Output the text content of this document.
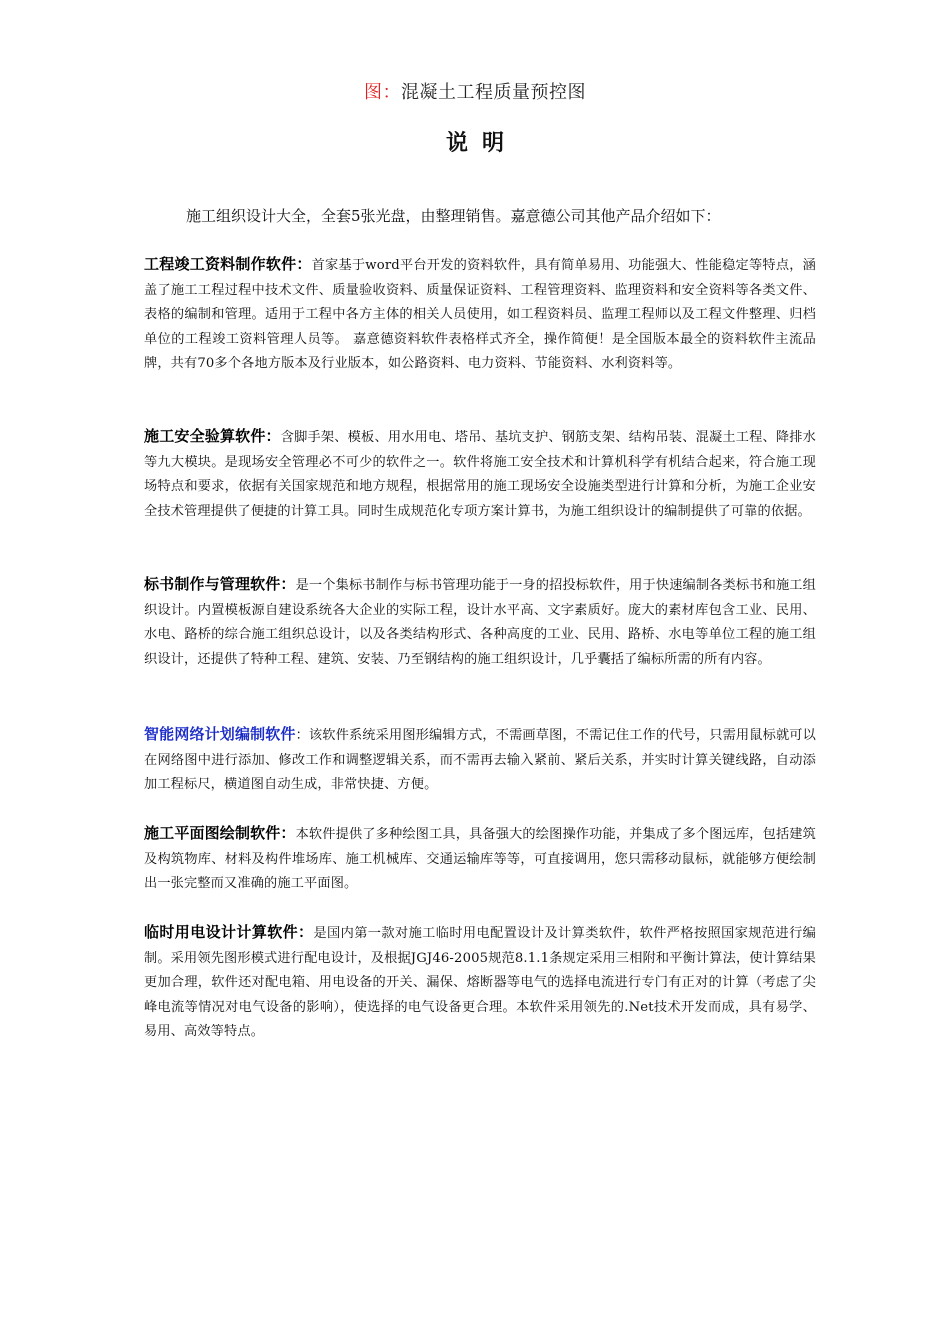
图：混凝土工程质量预控图
说明
施工组织设计大全，全套5张光盘，由整理销售。嘉意德公司其他产品介绍如下：
工程竣工资料制作软件：首家基于word平台开发的资料软件，具有简单易用、功能强大、性能稳定等特点，涵盖了施工工程过程中技术文件、质量验收资料、质量保证资料、工程管理资料、监理资料和安全资料等各类文件、表格的编制和管理。适用于工程中各方主体的相关人员使用，如工程资料员、监理工程师以及工程文件整理、归档单位的工程竣工资料管理人员等。 嘉意德资料软件表格样式齐全，操作简便！是全国版本最全的资料软件主流品牌，共有70多个各地方版本及行业版本，如公路资料、电力资料、节能资料、水利资料等。
施工安全验算软件：含脚手架、模板、用水用电、塔吊、基坑支护、钢筋支架、结构吊装、混凝土工程、降排水等九大模块。是现场安全管理必不可少的软件之一。软件将施工安全技术和计算机科学有机结合起来，符合施工现场特点和要求，依据有关国家规范和地方规程，根据常用的施工现场安全设施类型进行计算和分析，为施工企业安全技术管理提供了便捷的计算工具。同时生成规范化专项方案计算书，为施工组织设计的编制提供了可靠的依据。
标书制作与管理软件：是一个集标书制作与标书管理功能于一身的招投标软件，用于快速编制各类标书和施工组织设计。内置模板源自建设系统各大企业的实际工程，设计水平高、文字素质好。庞大的素材库包含工业、民用、水电、路桥的综合施工组织总设计，以及各类结构形式、各种高度的工业、民用、路桥、水电等单位工程的施工组织设计，还提供了特种工程、建筑、安装、乃至钢结构的施工组织设计，几乎囊括了编标所需的所有内容。
智能网络计划编制软件：该软件系统采用图形编辑方式，不需画草图，不需记住工作的代号，只需用鼠标就可以在网络图中进行添加、修改工作和调整逻辑关系，而不需再去输入紧前、紧后关系，并实时计算关键线路，自动添加工程标尺，横道图自动生成，非常快捷、方便。
施工平面图绘制软件：本软件提供了多种绘图工具，具备强大的绘图操作功能，并集成了多个图远库，包括建筑及构筑物库、材料及构件堆场库、施工机械库、交通运输库等等，可直接调用，您只需移动鼠标，就能够方便绘制出一张完整而又准确的施工平面图。
临时用电设计计算软件：是国内第一款对施工临时用电配置设计及计算类软件，软件严格按照国家规范进行编制。采用领先图形模式进行配电设计，及根据JGJ46-2005规范8.1.1条规定采用三相附和平衡计算法，使计算结果更加合理，软件还对配电箱、用电设备的开关、漏保、熔断器等电气的选择电流进行专门有正对的计算（考虑了尖峰电流等情况对电气设备的影响），使选择的电气设备更合理。本软件采用领先的.Net技术开发而成，具有易学、易用、高效等特点。
